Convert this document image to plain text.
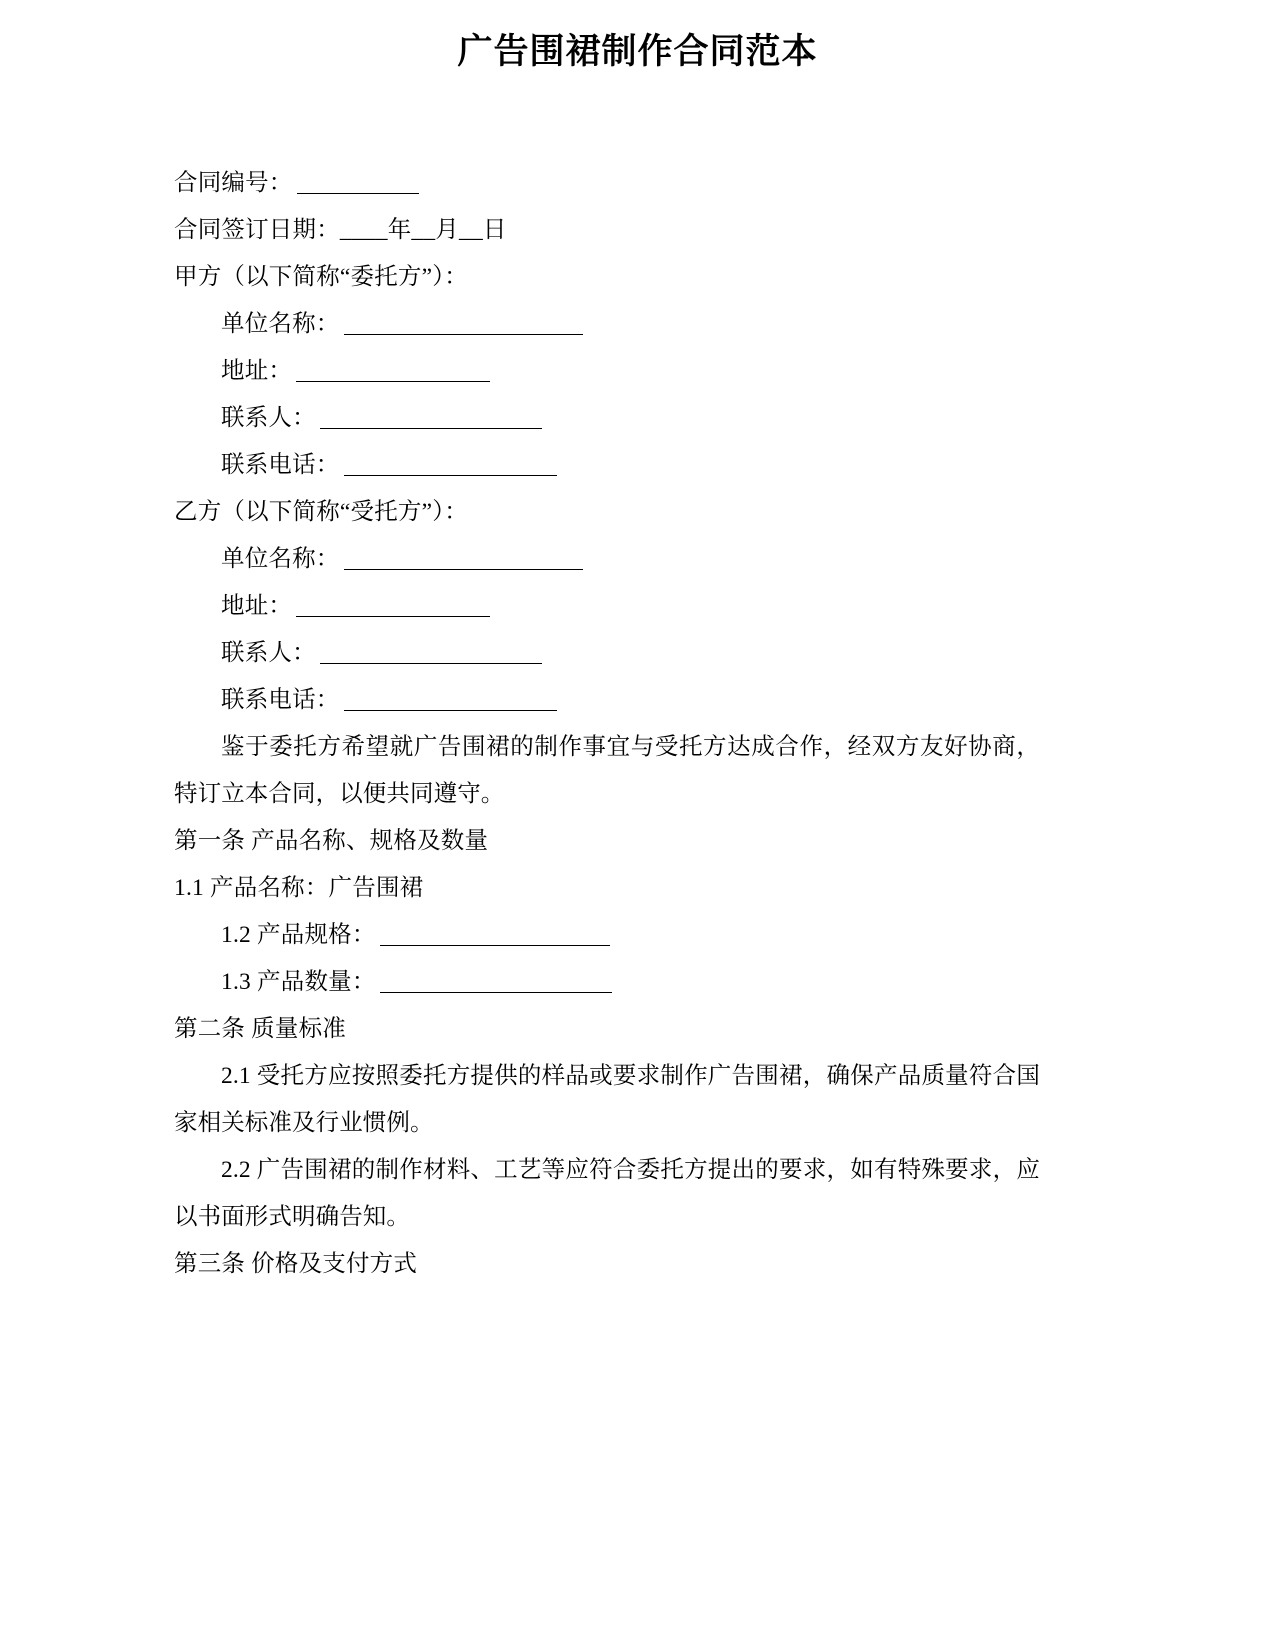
广告围裙制作合同范本
合同编号：
合同签订日期：____年__月__日
甲方（以下简称“委托方”）：
单位名称：
地址：
联系人：
联系电话：
乙方（以下简称“受托方”）：
单位名称：
地址：
联系人：
联系电话：
鉴于委托方希望就广告围裙的制作事宜与受托方达成合作，经双方友好协商，特订立本合同，以便共同遵守。
第一条 产品名称、规格及数量
1.1 产品名称：广告围裙
1.2 产品规格：
1.3 产品数量：
第二条 质量标准
2.1 受托方应按照委托方提供的样品或要求制作广告围裙，确保产品质量符合国家相关标准及行业惯例。
2.2 广告围裙的制作材料、工艺等应符合委托方提出的要求，如有特殊要求，应以书面形式明确告知。
第三条 价格及支付方式
